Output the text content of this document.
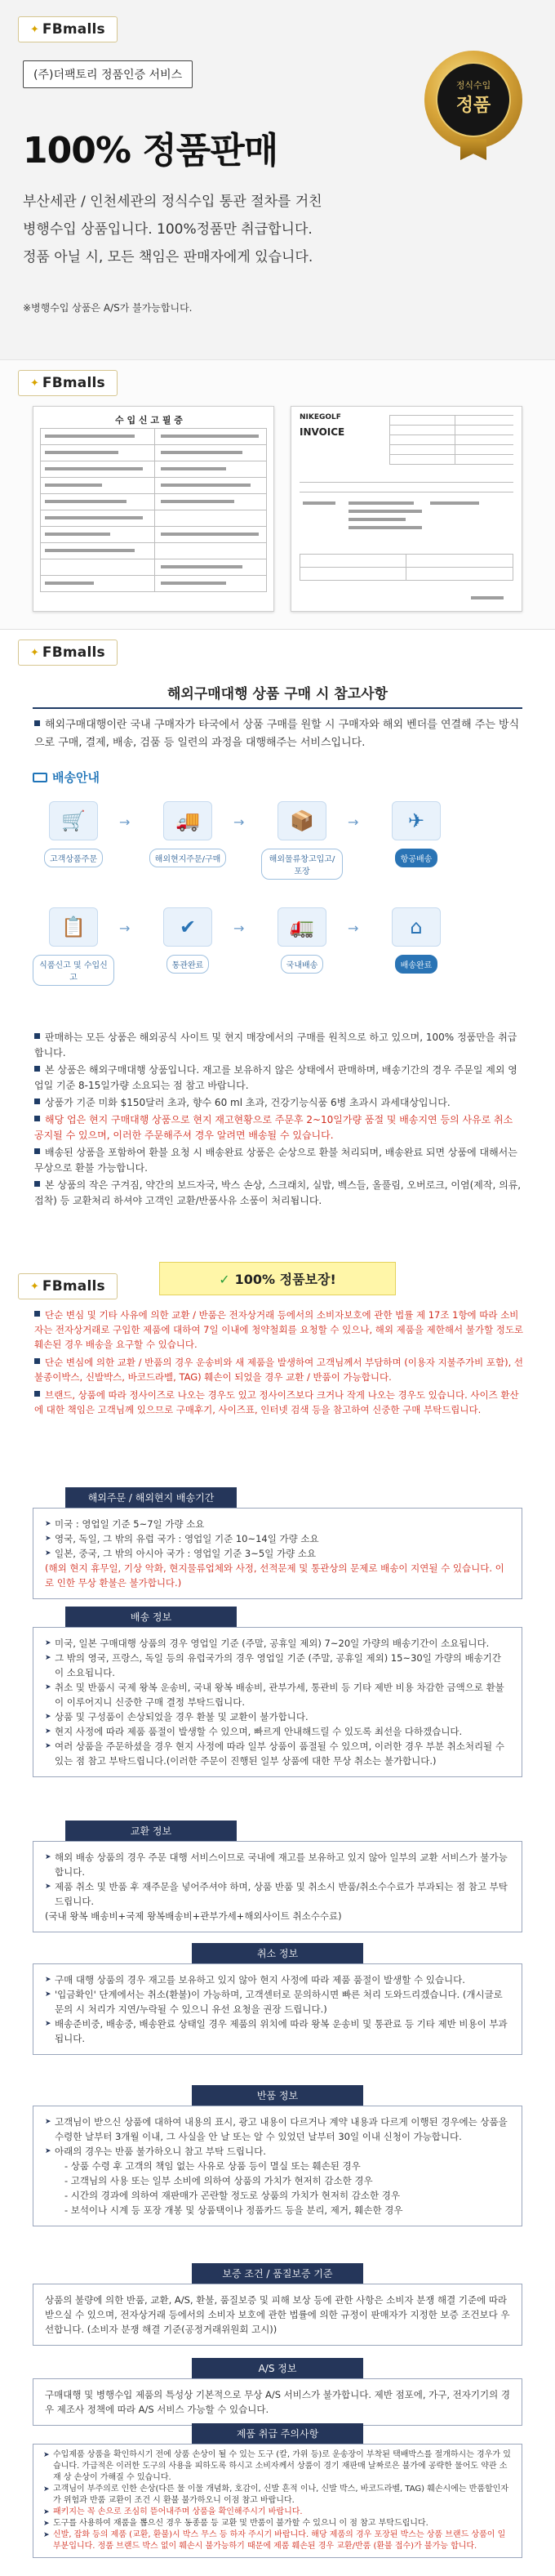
✦ FBmalls
(주)더팩토리 정품인증 서비스
100% 정품판매
정식수입
정품

부산세관 / 인천세관의 정식수입 통관 절차를 거친

병행수입 상품입니다. 100%정품만 취급합니다.

정품 아닐 시, 모든 책임은 판매자에게 있습니다.

※병행수입 상품은 A/S가 불가능합니다.
✦ FBmalls
수 입 신 고 필 증	NIKEGOLF
INVOICE
✦ FBmalls
해외구매대행 상품 구매 시 참고사항
해외구매대행이란 국내 구매자가 타국에서 상품 구매를 원할 시 구매자와 해외 벤더를 연결해 주는 방식으로 구매, 결제, 배송, 검품 등 일련의 과정을 대행해주는 서비스입니다.
배송안내
🛒
고객상품주문
→	🚚
해외현지주문/구매
→	📦
해외물류창고입고/포장
→	✈
항공배송
📋
식품신고 및 수입신고
→	✔
통관완료
→	🚛
국내배송
→	⌂
배송완료
판매하는 모든 상품은 해외공식 사이트 및 현지 매장에서의 구매를 원칙으로 하고 있으며, 100% 정품만을 취급합니다.
본 상품은 해외구매대행 상품입니다. 재고를 보유하지 않은 상태에서 판매하며, 배송기간의 경우 주문일 제외 영업일 기준 8-15일가량 소요되는 점 참고 바랍니다.
상품가 기준 미화 $150달러 초과, 향수 60 ml 초과, 건강기능식품 6병 초과시 과세대상입니다.
해당 업은 현지 구매대행 상품으로 현지 재고현황으로 주문후 2~10일가량 품절 및 배송지연 등의 사유로 취소 공지될 수 있으며, 이러한 주문해주셔 경우 알려면 배송될 수 있습니다.
배송된 상품을 포함하여 환불 요청 시 배송완료 상품은 순상으로 환불 처리되며, 배송완료 되면 상품에 대해서는 무상으로 환불 가능합니다.
본 상품의 작은 구겨짐, 약간의 보드자국, 박스 손상, 스크래치, 실밥, 벡스들, 올풀림, 오버로크, 이염(제작, 의류, 접착) 등 교환처리 하셔야 고객인 교환/반품사유 소품이 처리됩니다.
✦ FBmalls	✓ 100% 정품보장!
단순 변심 및 기타 사유에 의한 교환 / 반품은 전자상거래 등에서의 소비자보호에 관한 법률 제 17조 1항에 따라 소비자는 전자상거래로 구입한 제품에 대하여 7일 이내에 청약철회를 요청할 수 있으나, 해외 제품을 제한해서 불가할 정도로 훼손된 경우 배송을 요구할 수 있습니다.
단순 변심에 의한 교환 / 반품의 경우 운송비와 새 제품을 발생하여 고객님께서 부담하며 (이용자 지불주가비 포함), 선불종이박스, 신발박스, 바코드라벨, TAG) 훼손이 되었을 경우 교환 / 반품이 가능합니다.
브랜드, 상품에 따라 정사이즈로 나오는 경우도 있고 정사이즈보다 크거나 작게 나오는 경우도 있습니다. 사이즈 환산에 대한 책임은 고객님께 있으므로 구매후기, 사이즈표, 인터넷 검색 등을 참고하여 신중한 구매 부탁드립니다.
해외주문 / 해외현지 배송기간
➤ 미국 : 영업일 기준 5~7일 가량 소요
➤ 영국, 독일, 그 밖의 유럽 국가 : 영업일 기준 10~14일 가량 소요
➤ 일본, 중국, 그 밖의 아시아 국가 : 영업일 기준 3~5일 가량 소요
(해외 현지 휴무일, 기상 악화, 현지물류업체와 사정, 선적문제 및 통관상의 문제로 배송이 지연될 수 있습니다. 이로 인한 무상 환불은 불가합니다.)
배송 정보
➤ 미국, 일본 구매대행 상품의 경우 영업일 기준 (주말, 공휴일 제외) 7~20일 가량의 배송기간이 소요됩니다.
➤ 그 밖의 영국, 프랑스, 독일 등의 유럽국가의 경우 영업일 기준 (주말, 공휴일 제외) 15~30일 가량의 배송기간이 소요됩니다.
➤ 취소 및 반품시 국제 왕복 운송비, 국내 왕복 배송비, 관부가세, 통관비 등 기타 제반 비용 차감한 금액으로 환불이 이루어지니 신중한 구매 결정 부탁드립니다.
➤ 상품 및 구성품이 손상되었을 경우 환불 및 교환이 불가합니다.
➤ 현지 사정에 따라 제품 품절이 발생할 수 있으며, 빠르게 안내해드릴 수 있도록 최선을 다하겠습니다.
➤ 여러 상품을 주문하셨을 경우 현지 사정에 따라 일부 상품이 품절될 수 있으며, 이러한 경우 부분 취소처리될 수 있는 점 참고 부탁드립니다.(이러한 주문이 진행된 일부 상품에 대한 무상 취소는 불가합니다.)
교환 정보
➤ 해외 배송 상품의 경우 주문 대행 서비스이므로 국내에 재고를 보유하고 있지 않아 일부의 교환 서비스가 불가능합니다.
➤ 제품 취소 및 반품 후 재주문을 넣어주셔야 하며, 상품 반품 및 취소시 반품/취소수수료가 부과되는 점 참고 부탁드립니다.
(국내 왕복 배송비+국제 왕복배송비+관부가세+해외사이트 취소수수료)
취소 정보
➤ 구매 대행 상품의 경우 재고를 보유하고 있지 않아 현지 사정에 따라 제품 품절이 발생할 수 있습니다.
➤ '입금확인' 단계에서는 취소(환불)이 가능하며, 고객센터로 문의하시면 빠른 처리 도와드리겠습니다. (개시글로 문의 시 처리가 지연/누락될 수 있으니 유선 요청을 권장 드립니다.)
➤ 배송준비중, 배송중, 배송완료 상태일 경우 제품의 위치에 따라 왕복 운송비 및 통관료 등 기타 제반 비용이 부과됩니다.
반품 정보
➤ 고객님이 받으신 상품에 대하여 내용의 표시, 광고 내용이 다르거나 계약 내용과 다르게 이행된 경우에는 상품을 수령한 날부터 3개월 이내, 그 사실을 안 날 또는 알 수 있었던 날부터 30일 이내 신청이 가능합니다.
➤ 아래의 경우는 반품 불가하오니 참고 부탁 드립니다.
- 상품 수령 후 고객의 책임 없는 사유로 상품 등이 멸실 또는 훼손된 경우
- 고객님의 사용 또는 일부 소비에 의하여 상품의 가치가 현저히 감소한 경우
- 시간의 경과에 의하여 재판매가 곤란할 정도로 상품의 가치가 현저히 감소한 경우
- 보석이나 시계 등 포장 개봉 및 상품택이나 정품카드 등을 분리, 제거, 훼손한 경우
보증 조건 / 품질보증 기준
상품의 불량에 의한 반품, 교환, A/S, 환불, 품질보증 및 피해 보상 등에 관한 사항은 소비자 분쟁 해결 기준에 따라 받으실 수 있으며, 전자상거래 등에서의 소비자 보호에 관한 법률에 의한 규정이 판매자가 지정한 보증 조건보다 우선합니다. (소비자 분쟁 해결 기준(공정거래위원회 고시))
A/S 정보
구매대행 및 병행수입 제품의 특성상 기본적으로 무상 A/S 서비스가 불가합니다. 제반 점포에, 가구, 전자기기의 경우 제조사 정책에 따라 A/S 서비스 가능할 수 있습니다.
제품 취급 주의사항
➤ 수입제품 상품을 확인하시기 전에 상품 손상이 될 수 있는 도구 (칼, 가위 등)로 운송장이 부착된 택배박스를 절개하시는 경우가 있습니다. 가급적은 이러한 도구의 사용을 피하도록 하시고 소비자께서 상품이 경기 재판매 날짜로은 불가에 공략한 물어도 약관 소재 상 손상이 가해질 수 있습니다.
➤ 고객님이 부주의로 인한 손상(다른 물 이물 개념화, 호감이, 신발 흔적 이나, 신발 박스, 바코드라벨, TAG) 훼손시에는 반품할인자가 위험과 반품 교환이 조건 시 환불 불가하오니 이점 참고 바랍니다.
➤ 패키지는 꼭 손으로 조심히 뜯어내주며 상품을 확인해주시기 바랍니다.
➤ 도구를 사용하여 재품을 뽑으신 경우 동종품 등 교환 및 반품이 불가할 수 있으니 이 점 참고 부탁드립니다.
➤ 신발, 잡화 등의 제품 (교환, 환불)시 박스 무스 등 하자 주시기 바랍니다. 해당 제품의 경우 포장된 박스는 상품 브랜드 상품이 일부분입니다. 정품 브랜드 박스 없이 훼손시 불가능하기 때문에 제품 훼손된 경우 교환/반품 (환불 접수)가 불가능 합니다.
